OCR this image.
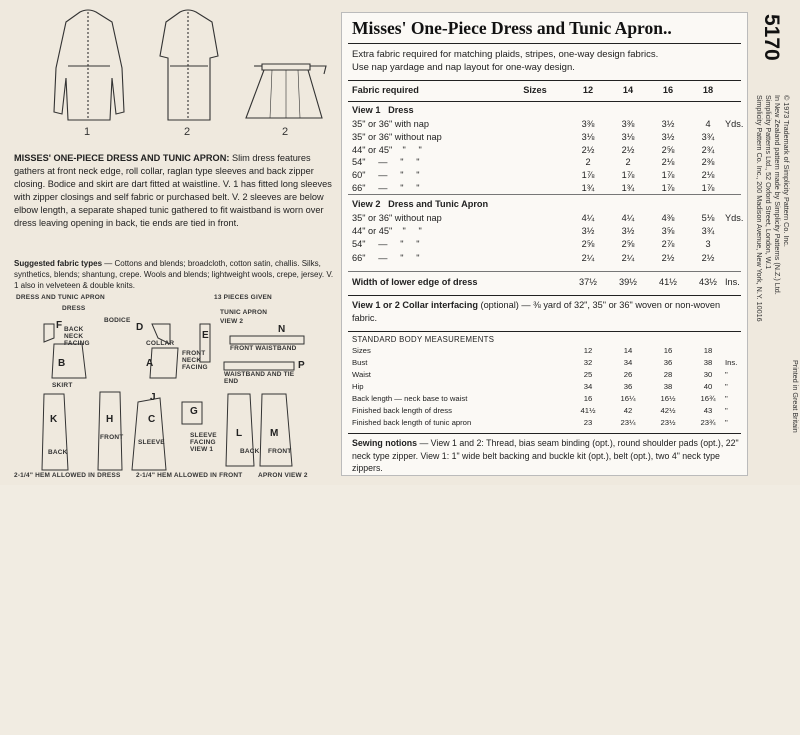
1	2	2
MISSES' ONE-PIECE DRESS AND TUNIC APRON: Slim dress features gathers at front neck edge, roll collar, raglan type sleeves and back zipper closing. Bodice and skirt are dart fitted at waistline. V. 1 has fitted long sleeves with zipper closings and self fabric or purchased belt. V. 2 sleeves are below elbow length, a separate shaped tunic gathered to fit waistband is worn over dress leaving opening in back, tie ends are tied in front.
Suggested fabric types — Cottons and blends; broadcloth, cotton satin, challis. Silks, synthetics, blends; shantung, crepe. Wools and blends; lightweight wools, crepe, jersey. V. 1 also in velveteen & double knits.
DRESS AND TUNIC APRON	13 PIECES GIVEN
DRESS
BODICE
BACK NECK FACING	COLLAR
FRONT NECK FACING
TUNIC APRON
VIEW 2
FRONT WAISTBAND
WAISTBAND AND TIE END
SKIRT
BACK
FRONT
SLEEVE
SLEEVE FACING VIEW 1	BACK FRONT
2-1/4" HEM ALLOWED IN DRESS 2-1/4" HEM ALLOWED IN FRONT APRON VIEW 2
A
B
C
D
E
F
G
H
J
K
L	M
N
P
Misses' One-Piece Dress and Tunic Apron..
Extra fabric required for matching plaids, stripes, one-way design fabrics.
Use nap yardage and nap layout for one-way design.
Fabric required	Sizes	12	14	16	18
View 1   Dress
35" or 36" with nap	3⅜	3⅜	3½	4	Yds.
35" or 36" without nap	3⅛	3⅛	3½	3¾
44" or 45"    "     "	2½	2½	2⅝	2¾
54"     —     "     "	2	2	2⅛	2⅜
60"     —     "     "	1⅞	1⅞	1⅞	2⅛
66"     —     "     "	1¾	1¾	1⅞	1⅞
View 2   Dress and Tunic Apron
35" or 36" without nap	4¼	4¼	4⅜	5⅛	Yds.
44" or 45"    "     "	3½	3½	3⅝	3¾
54"     —     "     "	2⅝	2⅝	2⅞	3
66"     —     "     "	2¼	2¼	2½	2½
Width of lower edge of dress	37½	39½	41½	43½ Ins.
View 1 or 2 Collar interfacing (optional) — ⅜ yard of 32", 35" or 36" woven or non-woven fabric.
STANDARD BODY MEASUREMENTS
Sizes	12	14	16	18
Bust	32	34	36	38	Ins.
Waist	25	26	28	30	"
Hip	34	36	38	40	"
Back length — neck base to waist	16	16¼	16½	16¾	"
Finished back length of dress	41½	42	42½	43	"
Finished back length of tunic apron	23	23¼	23½	23¾	"
Sewing notions — View 1 and 2: Thread, bias seam binding (opt.), round shoulder pads (opt.), 22" neck type zipper. View 1: 1" wide belt backing and buckle kit (opt.), belt (opt.), two 4" neck type zippers.
5170
Simplicity Pattern Co. Inc., 200 Madison Avenue, New York, N.Y. 10016 Simplicity Patterns Ltd., 52 Oxford Street, London, W.1 In New Zealand pattern made by Simplicity Patterns (N.Z.) Ltd. © 1973 Trademark of Simplicity Pattern Co. Inc.
Printed in Great Britain
